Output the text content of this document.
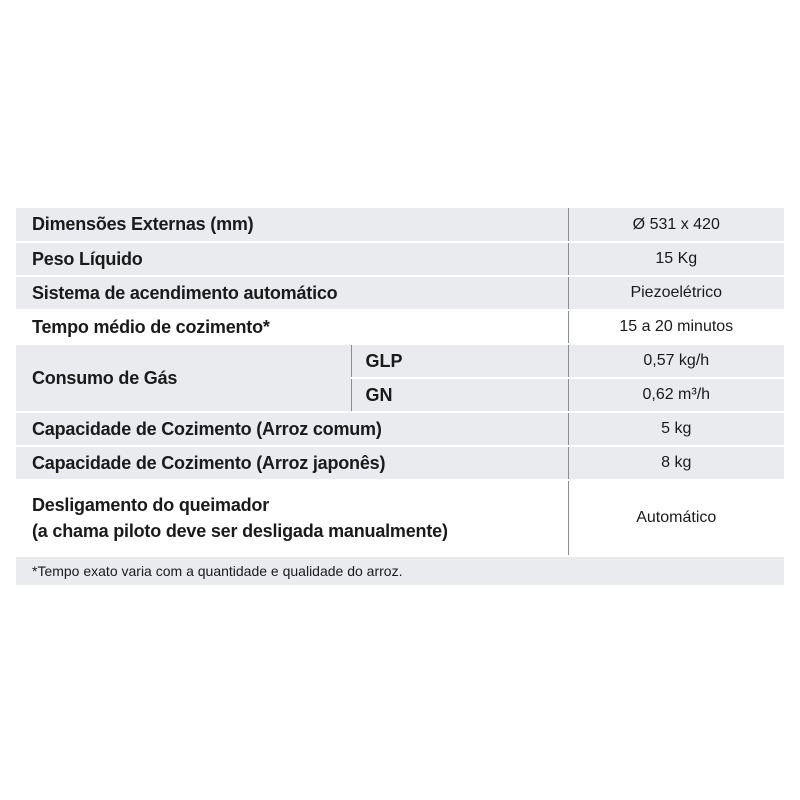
Dimensões Externas (mm)		Ø 531 x 420
Peso Líquido		15 Kg
Sistema de acendimento automático		Piezoelétrico
Tempo médio de cozimento*		15 a 20 minutos
Consumo de Gás	GLP	0,57 kg/h
	GN	0,62 m³/h
Capacidade de Cozimento (Arroz comum)		5 kg
Capacidade de Cozimento (Arroz japonês)		8 kg

Desligamento do queimador
(a chama piloto deve ser desligada manualmente)		Automático
*Tempo exato varia com a quantidade e qualidade do arroz.		
